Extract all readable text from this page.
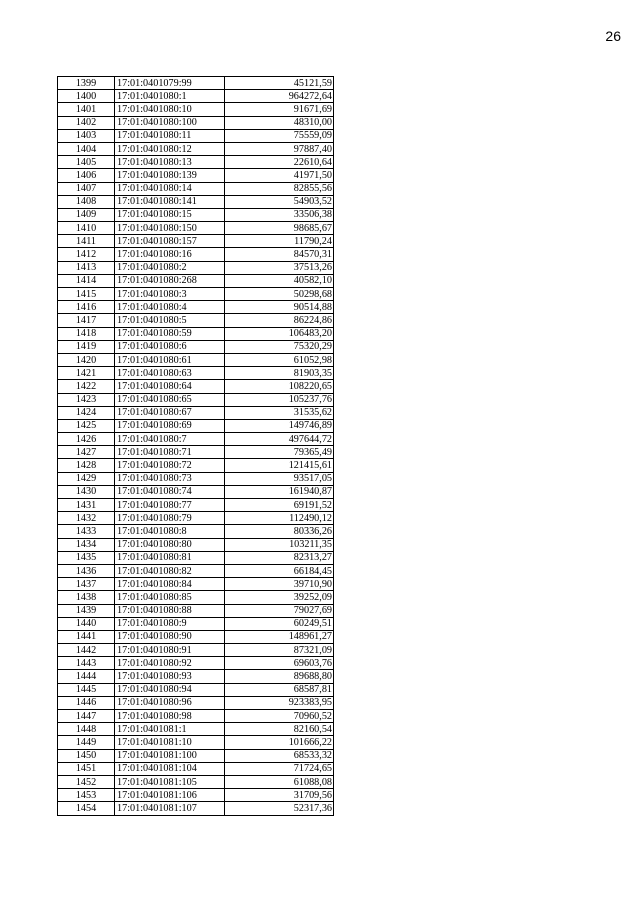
26
1399	17:01:0401079:99	45121,59
1400	17:01:0401080:1	964272,64
1401	17:01:0401080:10	91671,69
1402	17:01:0401080:100	48310,00
1403	17:01:0401080:11	75559,09
1404	17:01:0401080:12	97887,40
1405	17:01:0401080:13	22610,64
1406	17:01:0401080:139	41971,50
1407	17:01:0401080:14	82855,56
1408	17:01:0401080:141	54903,52
1409	17:01:0401080:15	33506,38
1410	17:01:0401080:150	98685,67
1411	17:01:0401080:157	11790,24
1412	17:01:0401080:16	84570,31
1413	17:01:0401080:2	37513,26
1414	17:01:0401080:268	40582,10
1415	17:01:0401080:3	50298,68
1416	17:01:0401080:4	90514,88
1417	17:01:0401080:5	86224,86
1418	17:01:0401080:59	106483,20
1419	17:01:0401080:6	75320,29
1420	17:01:0401080:61	61052,98
1421	17:01:0401080:63	81903,35
1422	17:01:0401080:64	108220,65
1423	17:01:0401080:65	105237,76
1424	17:01:0401080:67	31535,62
1425	17:01:0401080:69	149746,89
1426	17:01:0401080:7	497644,72
1427	17:01:0401080:71	79365,49
1428	17:01:0401080:72	121415,61
1429	17:01:0401080:73	93517,05
1430	17:01:0401080:74	161940,87
1431	17:01:0401080:77	69191,52
1432	17:01:0401080:79	112490,12
1433	17:01:0401080:8	80336,26
1434	17:01:0401080:80	103211,35
1435	17:01:0401080:81	82313,27
1436	17:01:0401080:82	66184,45
1437	17:01:0401080:84	39710,90
1438	17:01:0401080:85	39252,09
1439	17:01:0401080:88	79027,69
1440	17:01:0401080:9	60249,51
1441	17:01:0401080:90	148961,27
1442	17:01:0401080:91	87321,09
1443	17:01:0401080:92	69603,76
1444	17:01:0401080:93	89688,80
1445	17:01:0401080:94	68587,81
1446	17:01:0401080:96	923383,95
1447	17:01:0401080:98	70960,52
1448	17:01:0401081:1	82160,54
1449	17:01:0401081:10	101666,22
1450	17:01:0401081:100	68533,32
1451	17:01:0401081:104	71724,65
1452	17:01:0401081:105	61088,08
1453	17:01:0401081:106	31709,56
1454	17:01:0401081:107	52317,36
